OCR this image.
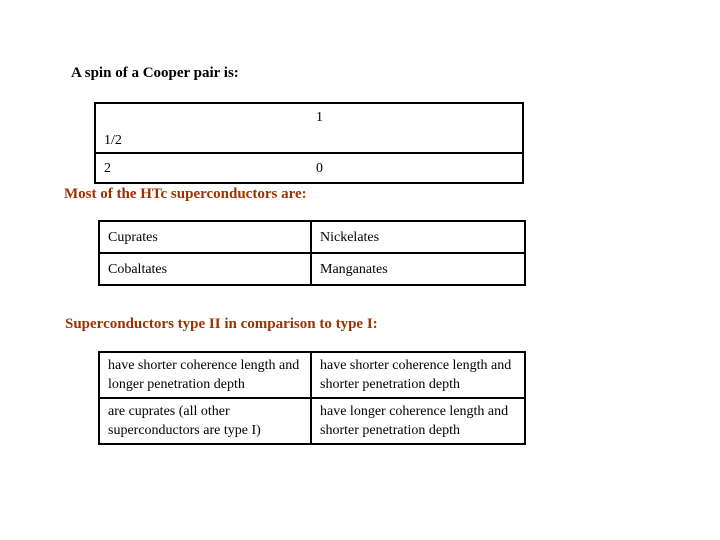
A spin of a Cooper pair is:
1/2	1
2	0
Most of the HTc superconductors are:
Cuprates	Nickelates
Cobaltates	Manganates
Superconductors type II in comparison to type I:
have shorter coherence length and longer penetration depth	have shorter coherence length and shorter penetration depth
are cuprates (all other superconductors are type I)	have longer coherence length and shorter penetration depth
